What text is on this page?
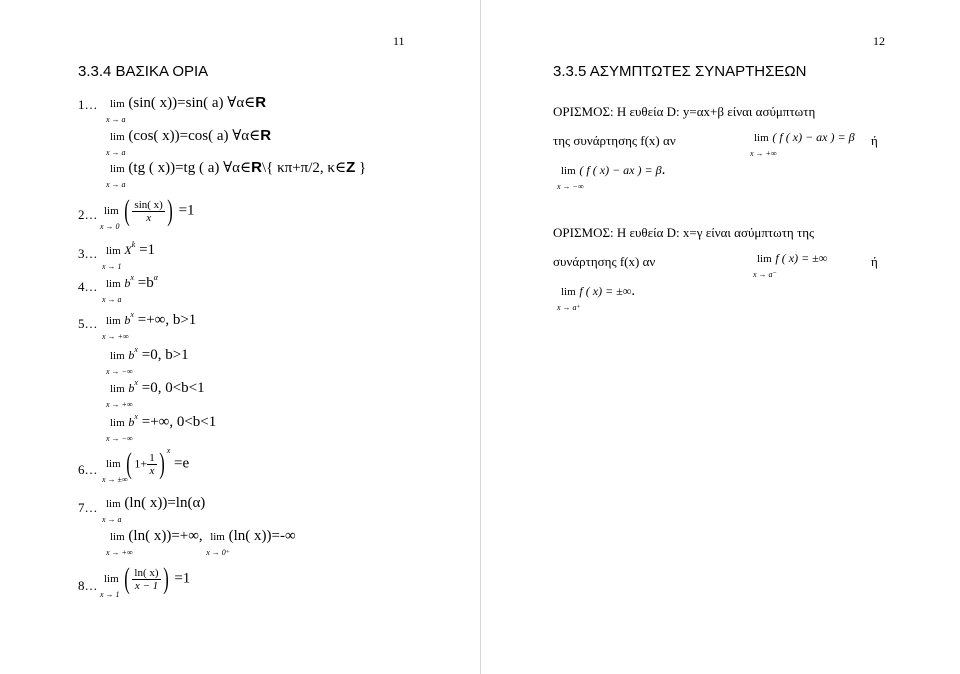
11
3.3.4 ΒΑΣΙΚΑ ΟΡΙΑ
1… lim
x → a
(sin( x))=sin( a) ∀α∈R
lim
x → a
(cos( x))=cos( a) ∀α∈R
lim
x → a
(tg ( x))=tg ( a) ∀α∈R\{ κπ+π/2, κ∈Z }
2… lim
x → 0 ( $\frac{\sin( x)}{x}$ ) =1
3… lim
x → 1
$X^k =1$
4… lim
x → a
$b^x =b^\alpha$
5… lim
x → +∞
$b^x$ =+∞, b>1
lim
x → −∞
$b^x =0$, b>1
lim
x → +∞
$b^x =0$, 0<b<1
lim
x → −∞
$b^x$ =+∞, 0<b<1
6… lim
x → ±∞ ( $1+ \frac{1}{x}$ ) $^x$ =e
7… lim
x → a
(ln( x))=ln(α)
lim
x → +∞
(ln( x))=+∞, lim
x → 0⁺
(ln( x))=-∞
8… lim
x → 1 ( $\frac{\ln( x)}{x - 1}$ ) =1
12
3.3.5 ΑΣΥΜΠΤΩΤΕΣ ΣΥΝΑΡΤΗΣΕΩΝ
ΟΡΙΣΜΟΣ: Η ευθεία D: y=αx+β είναι ασύμπτωτη
της συνάρτησης f(x) αν	lim
x → +∞
( f ( x) − ax ) = β ή
lim
x → −∞
( f ( x) − ax ) = β.
ΟΡΙΣΜΟΣ: Η ευθεία D: x=γ είναι ασύμπτωτη της
συνάρτησης f(x) αν	lim
x → a⁻
f ( x) = ±∞	ή
lim
x → a⁺
f ( x) = ±∞.
